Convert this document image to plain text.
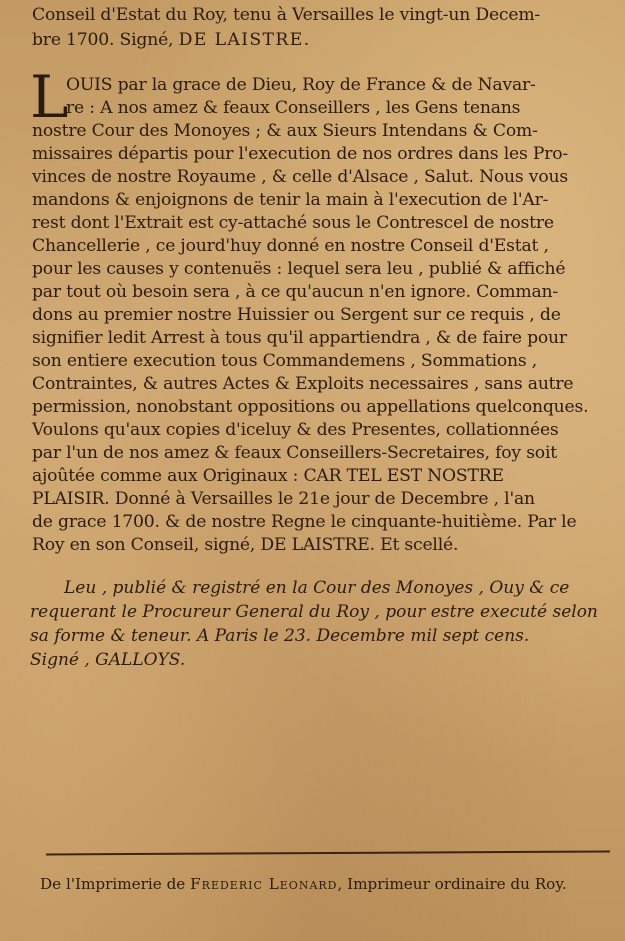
Conseil d'Estat du Roy, tenu à Versailles le vingt-un Decem-
bre 1700. Signé, DE LAISTRE.
L
OUIS par la grace de Dieu, Roy de France & de Navar-
re : A nos amez & feaux Conseillers , les Gens tenans
nostre Cour des Monoyes ; & aux Sieurs Intendans & Com-
missaires départis pour l'execution de nos ordres dans les Pro-
vinces de nostre Royaume , & celle d'Alsace , Salut. Nous vous
mandons & enjoignons de tenir la main à l'execution de l'Ar-
rest dont l'Extrait est cy-attaché sous le Contrescel de nostre
Chancellerie , ce jourd'huy donné en nostre Conseil d'Estat ,
pour les causes y contenuës : lequel sera leu , publié & affiché
par tout où besoin sera , à ce qu'aucun n'en ignore. Comman-
dons au premier nostre Huissier ou Sergent sur ce requis , de
signifier ledit Arrest à tous qu'il appartiendra , & de faire pour
son entiere execution tous Commandemens , Sommations ,
Contraintes, & autres Actes & Exploits necessaires , sans autre
permission, nonobstant oppositions ou appellations quelconques.
Voulons qu'aux copies d'iceluy & des Presentes, collationnées
par l'un de nos amez & feaux Conseillers-Secretaires, foy soit
ajoûtée comme aux Originaux : CAR TEL EST NOSTRE
PLAISIR. Donné à Versailles le 21e jour de Decembre , l'an
de grace 1700. & de nostre Regne le cinquante-huitième. Par le
Roy en son Conseil, signé, DE LAISTRE. Et scellé.
Leu , publié & registré en la Cour des Monoyes , Ouy & ce
requerant le Procureur General du Roy , pour estre executé selon
sa forme & teneur. A Paris le 23. Decembre mil sept cens.
Signé , GALLOYS.
De l'Imprimerie de Frederic Leonard, Imprimeur ordinaire du Roy.
